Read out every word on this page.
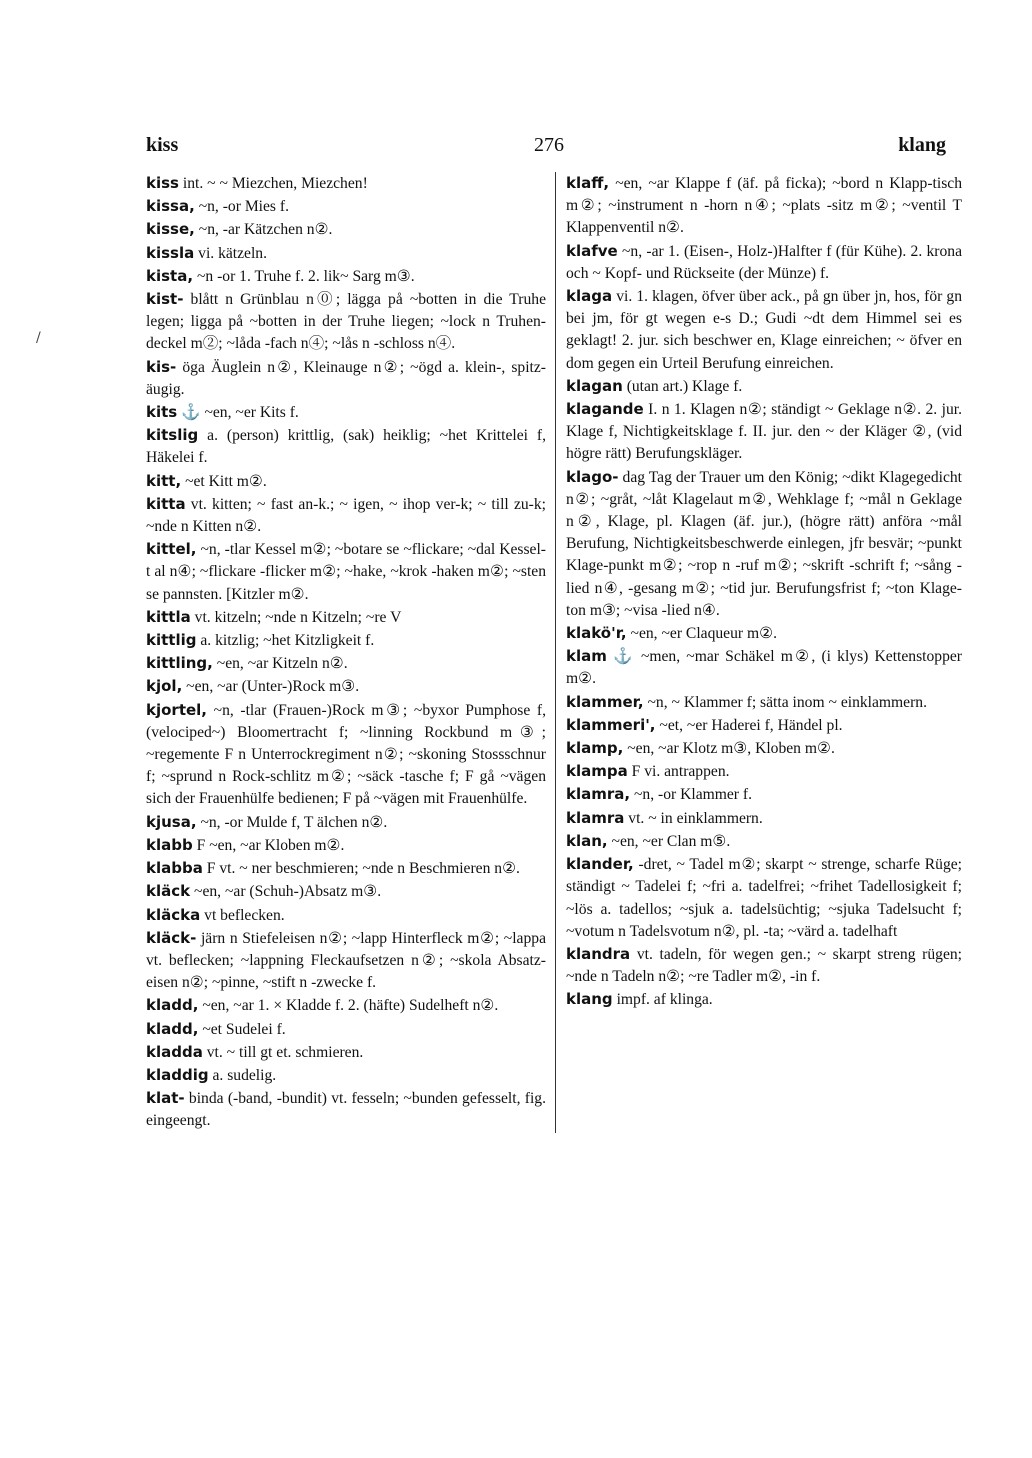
kiss	276	klang
/

kiss int. ~ ~ Miezchen, Miezchen!

kissa, ~n, -or Mies f.

kisse, ~n, -ar Kätzchen n②.

kissla vi. kätzeln.

kista, ~n -or 1. Truhe f. 2. lik~ Sarg m③.

kist- blått n Grünblau n⓪; lägga på ~botten in die Truhe legen; ligga på ~botten in der Truhe liegen; ~lock n Truhen-deckel m②; ~låda -fach n④; ~lås n -schloss n④.

kis- öga Äuglein n②, Kleinauge n②; ~ögd a. klein-, spitz-äugig.

kits ⚓ ~en, ~er Kits f.

kitslig a. (person) krittlig, (sak) heiklig; ~het Krittelei f, Häkelei f.

kitt, ~et Kitt m②.

kitta vt. kitten; ~ fast an-k.; ~ igen, ~ ihop ver-k; ~ till zu-k; ~nde n Kitten n②.

kittel, ~n, -tlar Kessel m②; ~botare se ~flickare; ~dal Kessel-t al n④; ~flickare -flicker m②; ~hake, ~krok -haken m②; ~sten se pannsten. [Kitzler m②.

kittla vt. kitzeln; ~nde n Kitzeln; ~re V

kittlig a. kitzlig; ~het Kitzligkeit f.

kittling, ~en, ~ar Kitzeln n②.

kjol, ~en, ~ar (Unter-)Rock m③.

kjortel, ~n, -tlar (Frauen-)Rock m③; ~byxor Pumphose f, (velociped~) Bloomertracht f; ~linning Rockbund m③; ~regemente F n Unterrockregiment n②; ~skoning Stossschnur f; ~sprund n Rock-schlitz m②; ~säck -tasche f; F gå ~vägen sich der Frauenhülfe bedienen; F på ~vägen mit Frauenhülfe.

kjusa, ~n, -or Mulde f, T älchen n②.

klabb F ~en, ~ar Kloben m②.

klabba F vt. ~ ner beschmieren; ~nde n Beschmieren n②.

kläck ~en, ~ar (Schuh-)Absatz m③.

kläcka vt beflecken.

kläck- järn n Stiefeleisen n②; ~lapp Hinterfleck m②; ~lappa vt. beflecken; ~lappning Fleckaufsetzen n②; ~skola Absatz-eisen n②; ~pinne, ~stift n -zwecke f.

kladd, ~en, ~ar 1. × Kladde f. 2. (häfte) Sudelheft n②.

kladd, ~et Sudelei f.

kladda vt. ~ till gt et. schmieren.

kladdig a. sudelig.

klat- binda (-band, -bundit) vt. fesseln; ~bunden gefesselt, fig. eingeengt.

klaff, ~en, ~ar Klappe f (äf. på ficka); ~bord n Klapp-tisch m②; ~instrument n -horn n④; ~plats -sitz m②; ~ventil T Klappenventil n②.

klafve ~n, -ar 1. (Eisen-, Holz-)Halfter f (für Kühe). 2. krona och ~ Kopf- und Rückseite (der Münze) f.

klaga vi. 1. klagen, öfver über ack., på gn über jn, hos, för gn bei jm, för gt wegen e-s D.; Gudi ~dt dem Himmel sei es geklagt! 2. jur. sich beschwer en, Klage einreichen; ~ öfver en dom gegen ein Urteil Berufung einreichen.

klagan (utan art.) Klage f.

klagande I. n 1. Klagen n②; ständigt ~ Geklage n②. 2. jur. Klage f, Nichtigkeitsklage f. II. jur. den ~ der Kläger ②, (vid högre rätt) Berufungskläger.

klago- dag Tag der Trauer um den König; ~dikt Klagegedicht n②; ~gråt, ~låt Klagelaut m②, Wehklage f; ~mål n Geklage n②, Klage, pl. Klagen (äf. jur.), (högre rätt) anföra ~mål Berufung, Nichtigkeitsbeschwerde einlegen, jfr besvär; ~punkt Klage-punkt m②; ~rop n -ruf m②; ~skrift -schrift f; ~sång -lied n④, -gesang m②; ~tid jur. Berufungsfrist f; ~ton Klage-ton m③; ~visa -lied n④.

klakö'r, ~en, ~er Claqueur m②.

klam ⚓ ~men, ~mar Schäkel m②, (i klys) Kettenstopper m②.

klammer, ~n, ~ Klammer f; sätta inom ~ einklammern.

klammeri', ~et, ~er Haderei f, Händel pl.

klamp, ~en, ~ar Klotz m③, Kloben m②.

klampa F vi. antrappen.

klamra, ~n, -or Klammer f.

klamra vt. ~ in einklammern.

klan, ~en, ~er Clan m⑤.

klander, -dret, ~ Tadel m②; skarpt ~ strenge, scharfe Rüge; ständigt ~ Tadelei f; ~fri a. tadelfrei; ~frihet Tadellosigkeit f; ~lös a. tadellos; ~sjuk a. tadelsüchtig; ~sjuka Tadelsucht f; ~votum n Tadelsvotum n②, pl. -ta; ~värd a. tadelhaft

klandra vt. tadeln, för wegen gen.; ~ skarpt streng rügen; ~nde n Tadeln n②; ~re Tadler m②, -in f.

klang impf. af klinga.
